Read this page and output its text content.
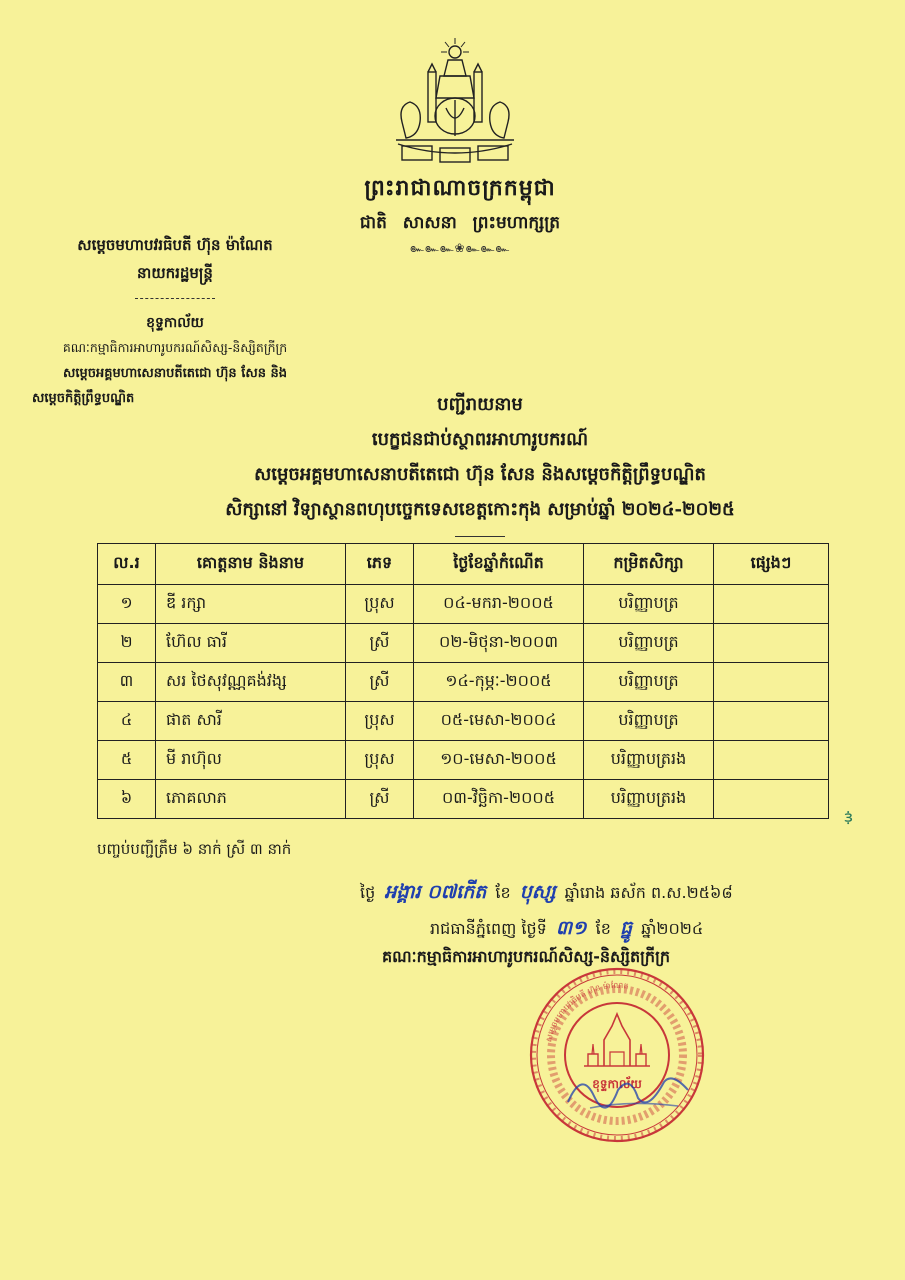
ព្រះរាជាណាចក្រកម្ពុជា
ជាតិ សាសនា ព្រះមហាក្សត្រ
๛๛๛❀๛๛๛
សម្តេចមហាបវរធិបតី ហ៊ុន ម៉ាណែត
នាយករដ្ឋមន្ត្រី
ខុទ្ទកាល័យ
គណៈកម្មាធិការអាហារូបករណ៍សិស្ស-និស្សិតក្រីក្រ
សម្តេចអគ្គមហាសេនាបតីតេជោ ហ៊ុន សែន និង
សម្តេចកិត្តិព្រឹទ្ធបណ្ឌិត	បញ្ជីរាយនាម
បេក្ខជនជាប់ស្ថាពរអាហារូបករណ៍
សម្តេចអគ្គមហាសេនាបតីតេជោ ហ៊ុន សែន និងសម្តេចកិត្តិព្រឹទ្ធបណ្ឌិត
សិក្សានៅ វិទ្យាស្ថានពហុបច្ចេកទេសខេត្តកោះកុង សម្រាប់ឆ្នាំ ២០២៤-២០២៥
ល.រ	គោត្តនាម និងនាម	ភេទ	ថ្ងៃខែឆ្នាំកំណើត	កម្រិតសិក្សា	ផ្សេងៗ
១	ឌី រក្សា	ប្រុស	០៤-មករា-២០០៥	បរិញ្ញាបត្រ	
២	ហ៊ែល ធារី	ស្រី	០២-មិថុនា-២០០៣	បរិញ្ញាបត្រ	
៣	សរ ថៃសុវណ្ណគង់វង្ស	ស្រី	១៤-កុម្ភៈ-២០០៥	បរិញ្ញាបត្រ	
៤	ផាត សារី	ប្រុស	០៥-មេសា-២០០៤	បរិញ្ញាបត្រ	
៥	មី រាហ៊ុល	ប្រុស	១០-មេសា-២០០៥	បរិញ្ញាបត្ររង	
៦	ភោគលាភ	ស្រី	០៣-វិច្ឆិកា-២០០៥	បរិញ្ញាបត្ររង	
ꛌ
បញ្ចប់បញ្ជីត្រឹម ៦ នាក់ ស្រី ៣ នាក់
ថ្ងៃ អង្គារ ០៧កើត ខែ បុស្ស ឆ្នាំរោង ឆស័ក ព.ស.២៥៦៨
រាជធានីភ្នំពេញ ថ្ងៃទី ៣១ ខែ ធ្នូ ឆ្នាំ២០២៤
គណៈកម្មាធិការអាហារូបករណ៍សិស្ស-និស្សិតក្រីក្រ
ខុទ្ទកាល័យ
សម្តេចមហាបវរធិបតី ហ៊ុន ម៉ាណែត
